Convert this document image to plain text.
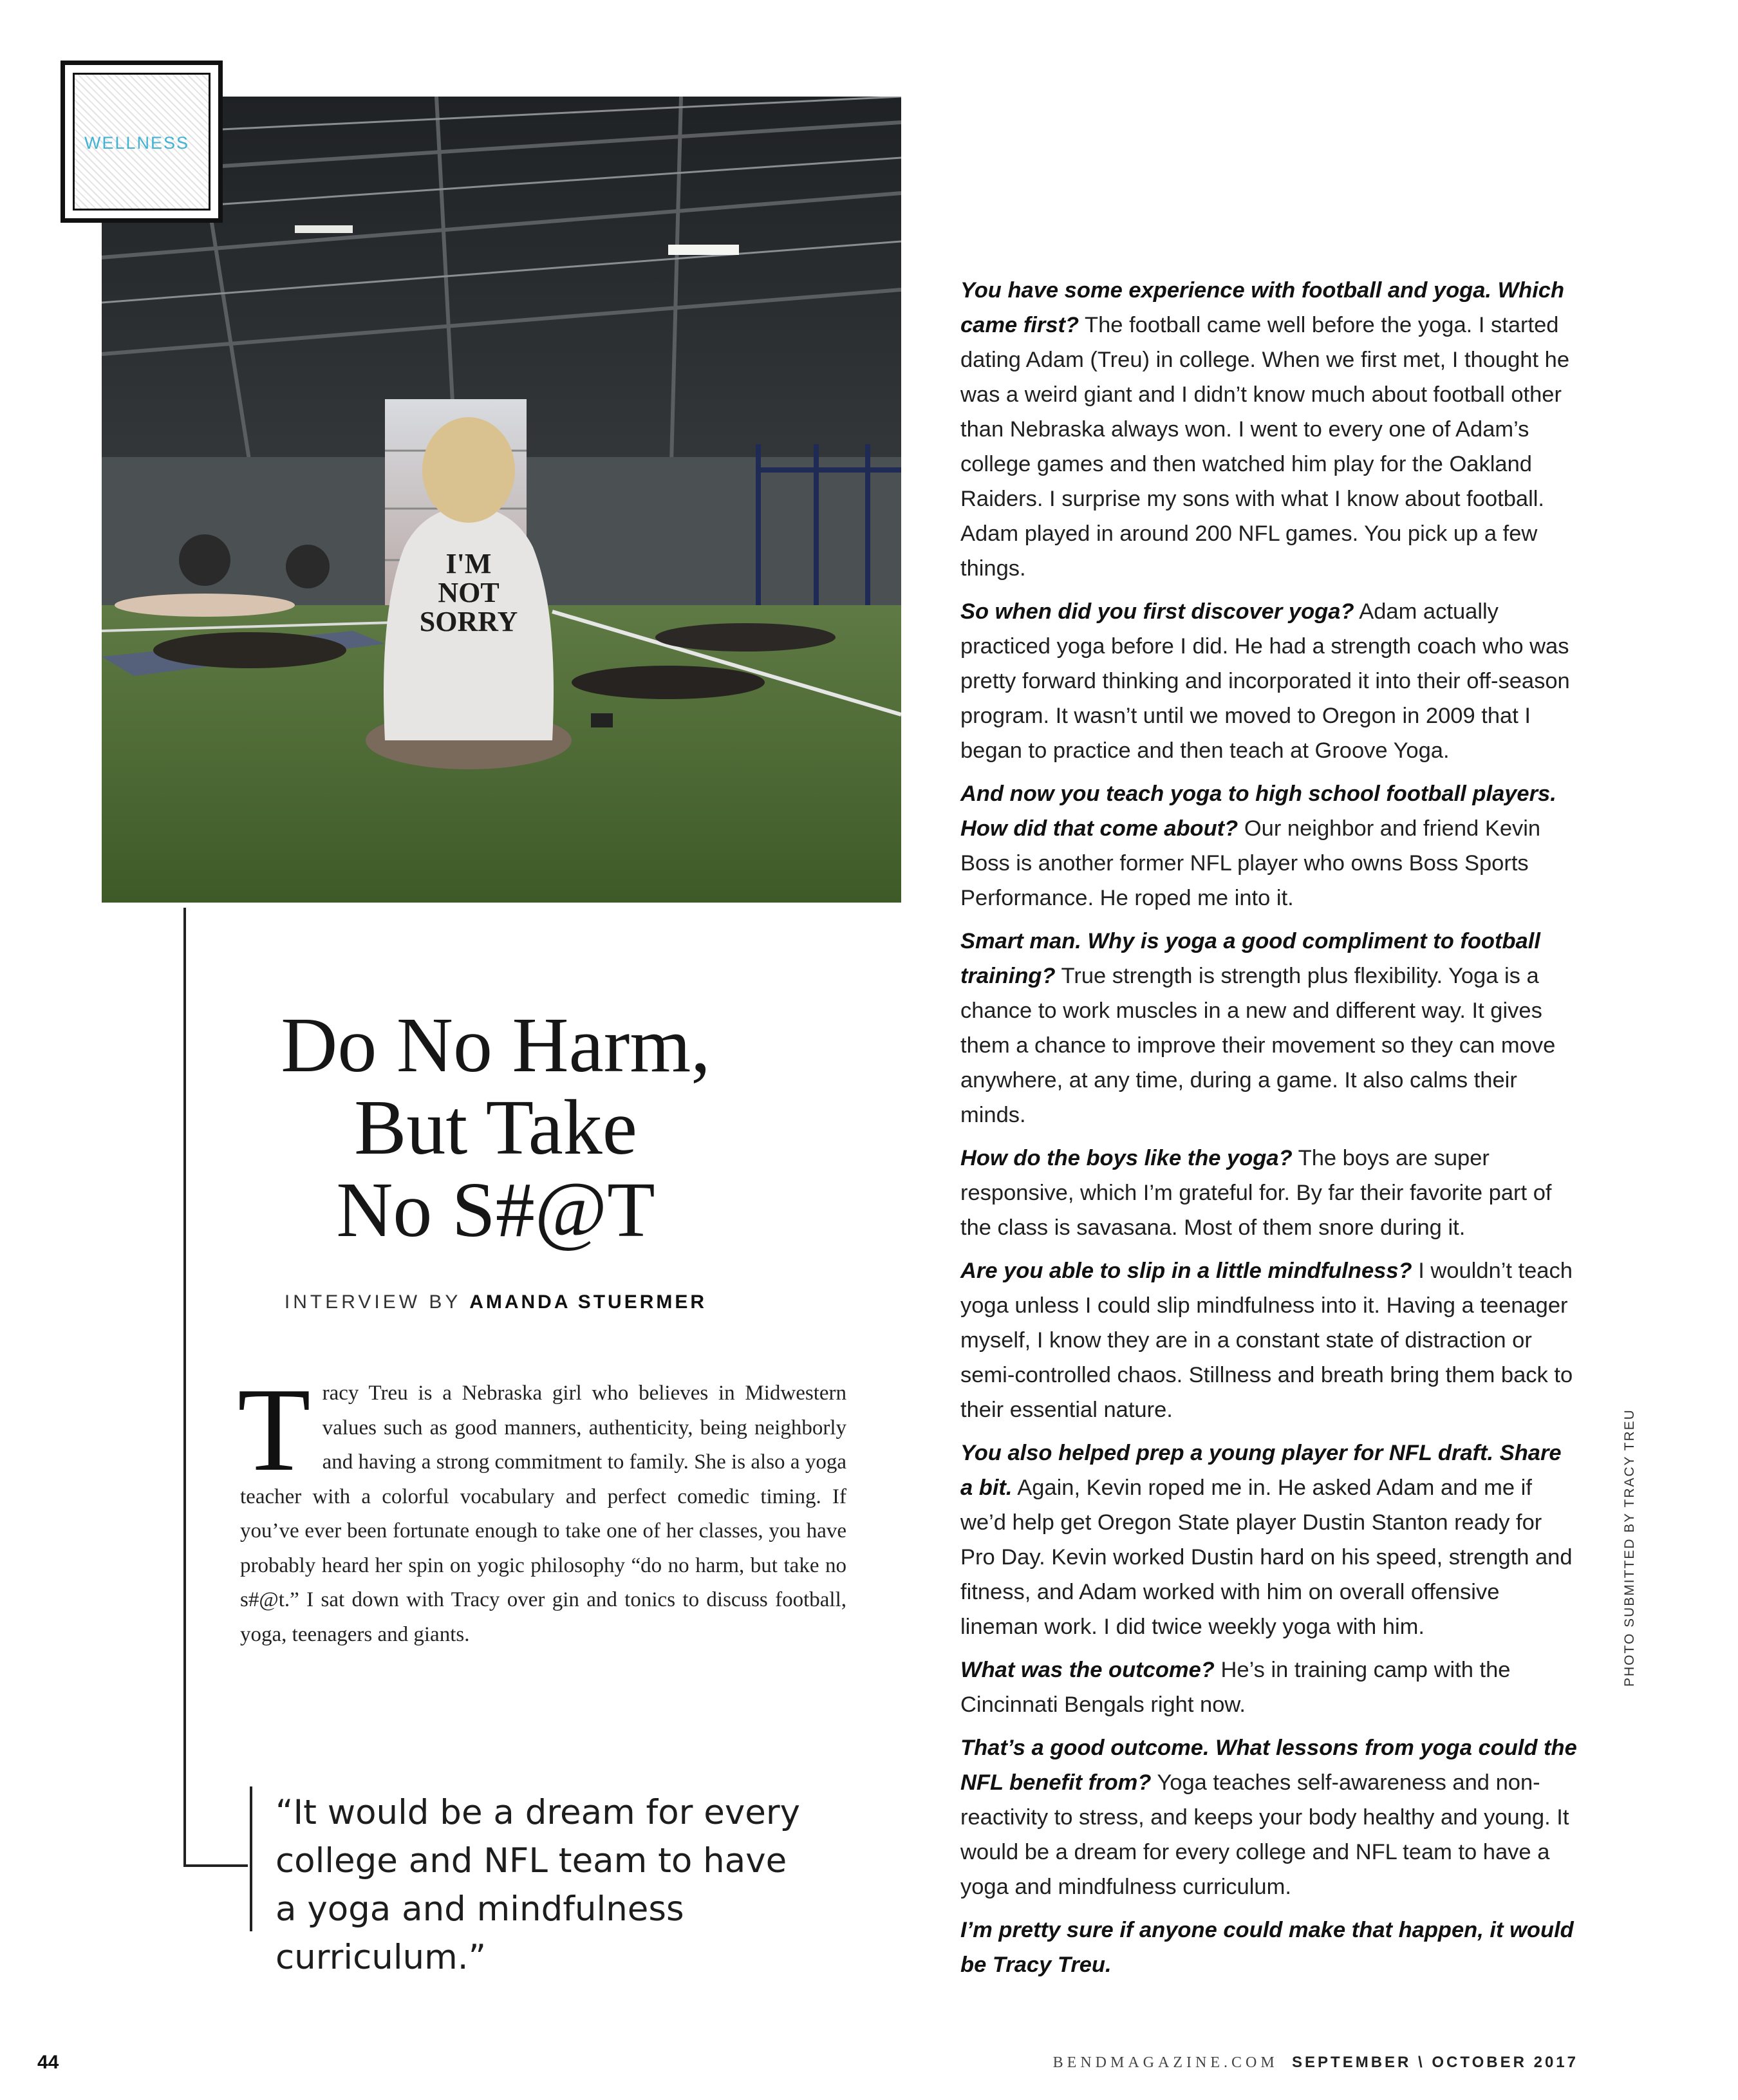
I'M
NOT
SORRY
WELLNESS
Do No Harm,
But Take
No S#@T
INTERVIEW BY AMANDA STUERMER
Tracy Treu is a Nebraska girl who believes in Midwestern values such as good manners, authenticity, being neighborly and having a strong commitment to family. She is also a yoga teacher with a colorful vocabulary and perfect comedic timing. If you’ve ever been fortunate enough to take one of her classes, you have probably heard her spin on yogic philosophy “do no harm, but take no s#@t.” I sat down with Tracy over gin and tonics to discuss football, yoga, teenagers and giants.
“It would be a dream for every college and NFL team to have a yoga and mindfulness curriculum.”

You have some experience with football and yoga. Which came first? The football came well before the yoga. I started dating Adam (Treu) in college. When we first met, I thought he was a weird giant and I didn’t know much about football other than Nebraska always won. I went to every one of Adam’s college games and then watched him play for the Oakland Raiders. I surprise my sons with what I know about football. Adam played in around 200 NFL games. You pick up a few things.

So when did you first discover yoga? Adam actually practiced yoga before I did. He had a strength coach who was pretty forward thinking and incorporated it into their off-season program. It wasn’t until we moved to Oregon in 2009 that I began to practice and then teach at Groove Yoga.

And now you teach yoga to high school football players. How did that come about? Our neighbor and friend Kevin Boss is another former NFL player who owns Boss Sports Performance. He roped me into it.

Smart man. Why is yoga a good compliment to football training? True strength is strength plus flexibility. Yoga is a chance to work muscles in a new and different way. It gives them a chance to improve their movement so they can move anywhere, at any time, during a game. It also calms their minds.

How do the boys like the yoga? The boys are super responsive, which I’m grateful for. By far their favorite part of the class is savasana. Most of them snore during it.

Are you able to slip in a little mindfulness? I wouldn’t teach yoga unless I could slip mindfulness into it. Having a teenager myself, I know they are in a constant state of distraction or semi-controlled chaos. Stillness and breath bring them back to their essential nature.

You also helped prep a young player for NFL draft. Share a bit. Again, Kevin roped me in. He asked Adam and me if we’d help get Oregon State player Dustin Stanton ready for Pro Day. Kevin worked Dustin hard on his speed, strength and fitness, and Adam worked with him on overall offensive lineman work. I did twice weekly yoga with him.

What was the outcome? He’s in training camp with the Cincinnati Bengals right now.

That’s a good outcome. What lessons from yoga could the NFL benefit from? Yoga teaches self-awareness and non-reactivity to stress, and keeps your body healthy and young. It would be a dream for every college and NFL team to have a yoga and mindfulness curriculum.

I’m pretty sure if anyone could make that happen, it would be Tracy Treu.

PHOTO SUBMITTED BY TRACY TREU
44	BENDMAGAZINE.COM SEPTEMBER \ OCTOBER 2017
